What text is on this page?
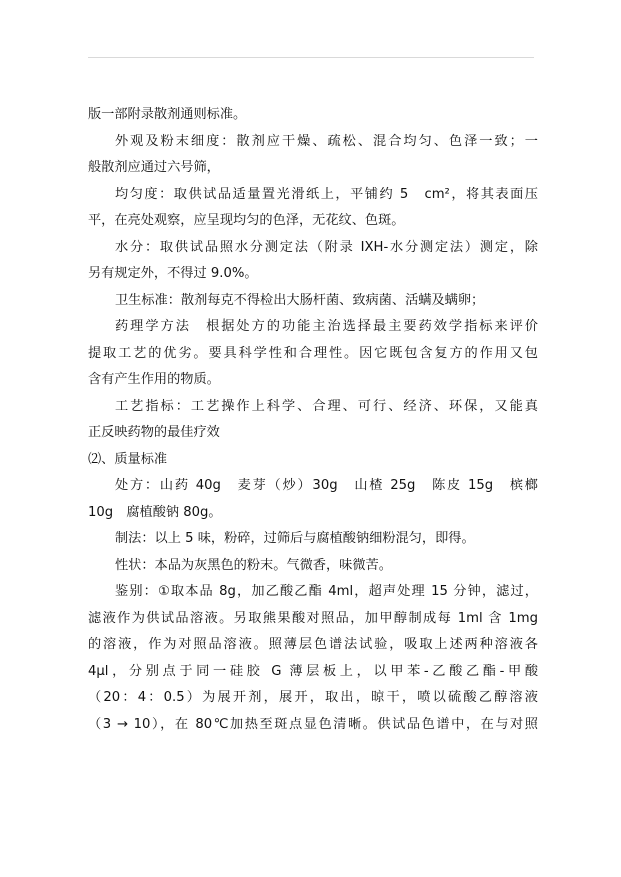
版一部附录散剂通则标准。
外观及粉末细度：散剂应干燥、疏松、混合均匀、色泽一致；一
般散剂应通过六号筛，
均匀度：取供试品适量置光滑纸上，平铺约 5　cm²，将其表面压
平，在亮处观察，应呈现均匀的色泽，无花纹、色斑。
水分：取供试品照水分测定法（附录 IXH-水分测定法）测定，除
另有规定外，不得过 9.0%。
卫生标准：散剂每克不得检出大肠杆菌、致病菌、活螨及螨卵；
药理学方法　根据处方的功能主治选择最主要药效学指标来评价
提取工艺的优劣。要具科学性和合理性。因它既包含复方的作用又包
含有产生作用的物质。
工艺指标：工艺操作上科学、合理、可行、经济、环保，又能真
正反映药物的最佳疗效
⑵、质量标准
处方：山药 40g　麦芽（炒）30g　山楂 25g　陈皮 15g　槟榔
10g　腐植酸钠 80g。
制法：以上 5 味，粉碎，过筛后与腐植酸钠细粉混匀，即得。
性状：本品为灰黑色的粉末。气微香，味微苦。
鉴别：①取本品 8g，加乙酸乙酯 4ml，超声处理 15 分钟，滤过，
滤液作为供试品溶液。另取熊果酸对照品，加甲醇制成每 1ml 含 1mg
的溶液，作为对照品溶液。照薄层色谱法试验，吸取上述两种溶液各
4μl，分别点于同一硅胶 G 薄层板上，以甲苯-乙酸乙酯-甲酸
（20：4：0.5）为展开剂，展开，取出，晾干，喷以硫酸乙醇溶液
（3 → 10），在 80℃加热至斑点显色清晰。供试品色谱中，在与对照
